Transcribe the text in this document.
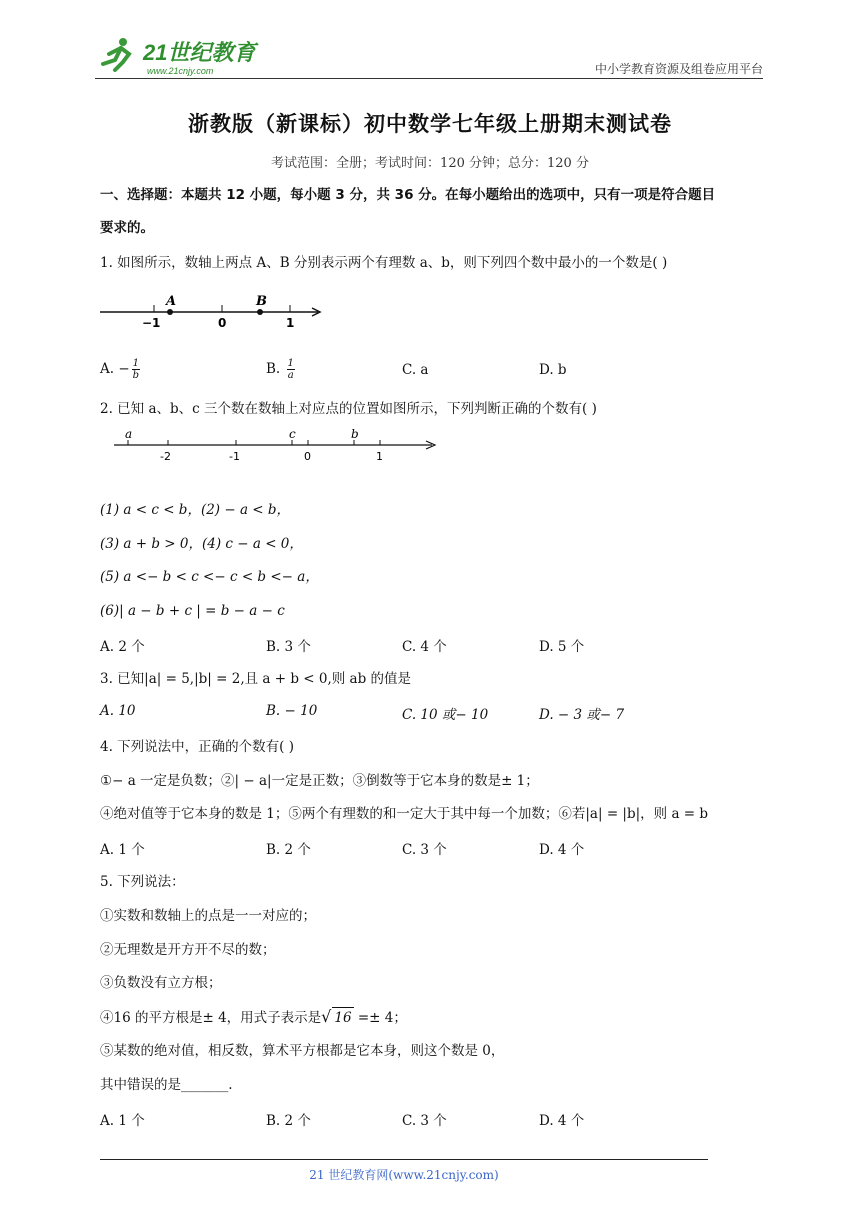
21世纪教育
www.21cnjy.com	中小学教育资源及组卷应用平台
浙教版（新课标）初中数学七年级上册期末测试卷
考试范围：全册；考试时间：120 分钟；总分：120 分
一、选择题：本题共 12 小题，每小题 3 分，共 36 分。在每小题给出的选项中，只有一项是符合题目
要求的。
1. 如图所示，数轴上两点 A、B 分别表示两个有理数 a、b，则下列四个数中最小的一个数是( )
A	B
−1	0	1
A. − $\frac{1}{b}$	B. $\frac{1}{a}$	C. a	D. b
2. 已知 a、b、c 三个数在数轴上对应点的位置如图所示，下列判断正确的个数有( )
a	c	b
-2	-1	0	1
(1) a < c < b，(2) − a < b，
(3) a + b > 0，(4) c − a < 0，
(5) a <− b < c <− c < b <− a，
(6)| a − b + c | = b − a − c
A. 2 个	B. 3 个	C. 4 个	D. 5 个
3. 已知|a| = 5,|b| = 2,且 a + b < 0,则 ab 的值是
A. 10	B. − 10	C. 10 或− 10	D. − 3 或− 7
4. 下列说法中，正确的个数有( )
①− a 一定是负数；②| − a|一定是正数；③倒数等于它本身的数是± 1；
④绝对值等于它本身的数是 1；⑤两个有理数的和一定大于其中每一个加数；⑥若|a| = |b|，则 a = b
A. 1 个	B. 2 个	C. 3 个	D. 4 个
5. 下列说法：
①实数和数轴上的点是一一对应的；
②无理数是开方开不尽的数；
③负数没有立方根；
④16 的平方根是± 4，用式子表示是√ 16 =± 4；
⑤某数的绝对值，相反数，算术平方根都是它本身，则这个数是 0，
其中错误的是_______.
A. 1 个	B. 2 个	C. 3 个	D. 4 个
21 世纪教育网(www.21cnjy.com)
